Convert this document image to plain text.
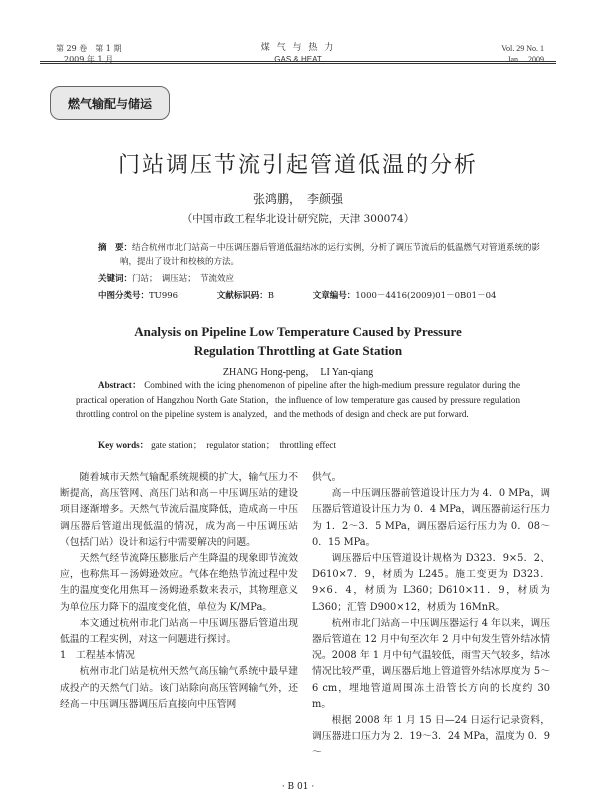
第 29 卷　第 1 期
2009 年 1 月
煤 气 与 热 力
GAS & HEAT
Vol. 29 No. 1
Jan.　2009
燃气输配与储运
门站调压节流引起管道低温的分析
张鸿鹏，　李颜强
（中国市政工程华北设计研究院，天津 300074）
摘　要：结合杭州市北门站高－中压调压器后管道低温结冰的运行实例，分析了调压节流后的低温燃气对管道系统的影响，提出了设计和校核的方法。
关键词：门站；　调压站；　节流效应
中图分类号：TU996	文献标识码：B	文章编号：1000－4416(2009)01－0B01－04
Analysis on Pipeline Low Temperature Caused by Pressure
Regulation Throttling at Gate Station
ZHANG Hong-peng，　LI Yan-qiang
Abstract： Combined with the icing phenomenon of pipeline after the high-medium pressure regulator during the practical operation of Hangzhou North Gate Station，the influence of low temperature gas caused by pressure regulation throttling control on the pipeline system is analyzed，and the methods of design and check are put forward.
Key words： gate station；　regulator station；　throttling effect

随着城市天然气输配系统规模的扩大，输气压力不断提高，高压管网、高压门站和高－中压调压站的建设项目逐渐增多。天然气节流后温度降低，造成高－中压调压器后管道出现低温的情况，成为高－中压调压站（包括门站）设计和运行中需要解决的问题。

天然气经节流降压膨胀后产生降温的现象即节流效应，也称焦耳－汤姆逊效应。气体在绝热节流过程中发生的温度变化用焦耳－汤姆逊系数来表示，其物理意义为单位压力降下的温度变化值，单位为 K/MPa。

本文通过杭州市北门站高－中压调压器后管道出现低温的工程实例，对这一问题进行探讨。

1　工程基本情况

杭州市北门站是杭州天然气高压输气系统中最早建成投产的天然气门站。该门站除向高压管网输气外，还经高－中压调压器调压后直接向中压管网

供气。

高－中压调压器前管道设计压力为 4．0 MPa，调压器后管道设计压力为 0．4 MPa，调压器前运行压力为 1．2～3．5 MPa，调压器后运行压力为 0．08～0．15 MPa。

调压器后中压管道设计规格为 D323．9×5．2、D610×7．9，材质为 L245。施工变更为 D323．9×6．4，材质为 L360；D610×11．9，材质为 L360；汇管 D900×12，材质为 16MnR。

杭州市北门站高－中压调压器运行 4 年以来，调压器后管道在 12 月中旬至次年 2 月中旬发生管外结冰情况。2008 年 1 月中旬气温较低，雨雪天气较多，结冰情况比较严重，调压器后地上管道管外结冰厚度为 5～6 cm，埋地管道周围冻土沿管长方向的长度约 30 m。

根据 2008 年 1 月 15 日—24 日运行记录资料，调压器进口压力为 2．19～3．24 MPa，温度为 0．9～

· B 01 ·
